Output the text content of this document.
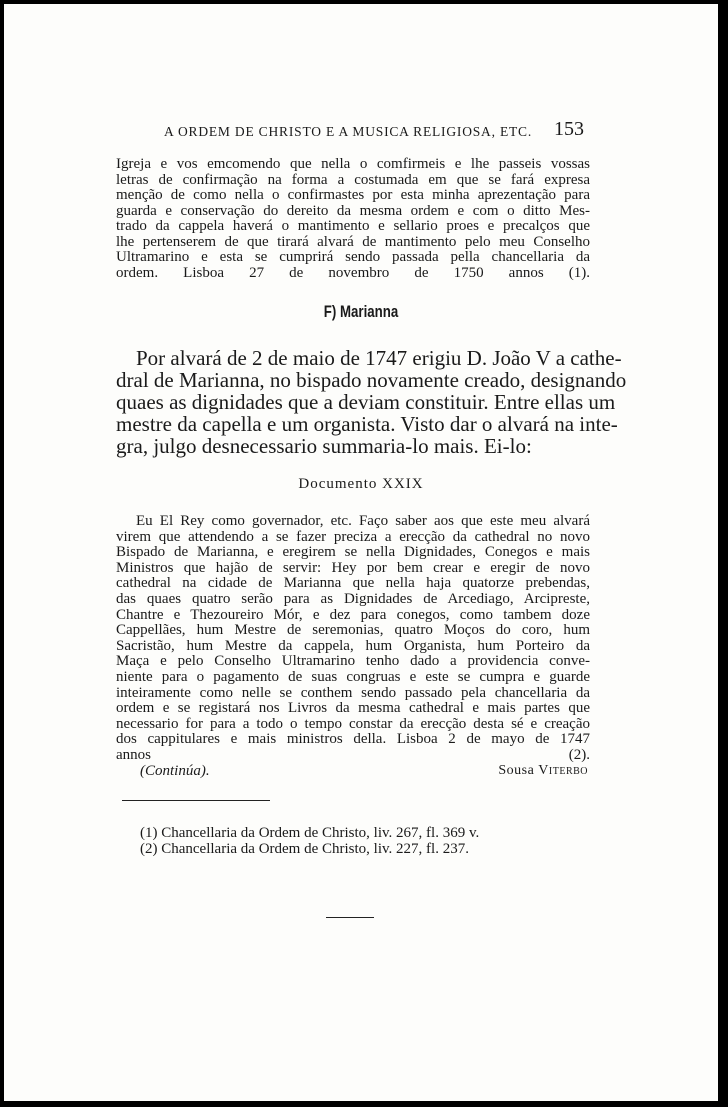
A ORDEM DE CHRISTO E A MUSICA RELIGIOSA, ETC. 153

Igreja e vos emcomendo que nella o comfirmeis e lhe passeis vossas
letras de confirmação na forma a costumada em que se fará expresa
menção de como nella o confirmastes por esta minha aprezentação para
guarda e conservação do dereito da mesma ordem e com o ditto Mes-
trado da cappela haverá o mantimento e sellario proes e precalços que
lhe pertenserem de que tirará alvará de mantimento pelo meu Conselho
Ultramarino e esta se cumprirá sendo passada pella chancellaria da
ordem. Lisboa 27 de novembro de 1750 annos (1).

F) Marianna

Por alvará de 2 de maio de 1747 erigiu D. João V a cathe-
dral de Marianna, no bispado novamente creado, designando
quaes as dignidades que a deviam constituir. Entre ellas um
mestre da capella e um organista. Visto dar o alvará na inte-
gra, julgo desnecessario summaria-lo mais. Ei-lo:

Documento XXIX

Eu El Rey como governador, etc. Faço saber aos que este meu alvará
virem que attendendo a se fazer preciza a erecção da cathedral no novo
Bispado de Marianna, e eregirem se nella Dignidades, Conegos e mais
Ministros que hajão de servir: Hey por bem crear e eregir de novo
cathedral na cidade de Marianna que nella haja quatorze prebendas,
das quaes quatro serão para as Dignidades de Arcediago, Arcipreste,
Chantre e Thezoureiro Mór, e dez para conegos, como tambem doze
Cappellães, hum Mestre de seremonias, quatro Moços do coro, hum
Sacristão, hum Mestre da cappela, hum Organista, hum Porteiro da
Maça e pelo Conselho Ultramarino tenho dado a providencia conve-
niente para o pagamento de suas congruas e este se cumpra e guarde
inteiramente como nelle se conthem sendo passado pela chancellaria da
ordem e se registará nos Livros da mesma cathedral e mais partes que
necessario for para a todo o tempo constar da erecção desta sé e creação
dos cappitulares e mais ministros della. Lisboa 2 de mayo de 1747
annos (2).

(Continúa).	Sousa Viterbo
(1) Chancellaria da Ordem de Christo, liv. 267, fl. 369 v.
(2) Chancellaria da Ordem de Christo, liv. 227, fl. 237.
